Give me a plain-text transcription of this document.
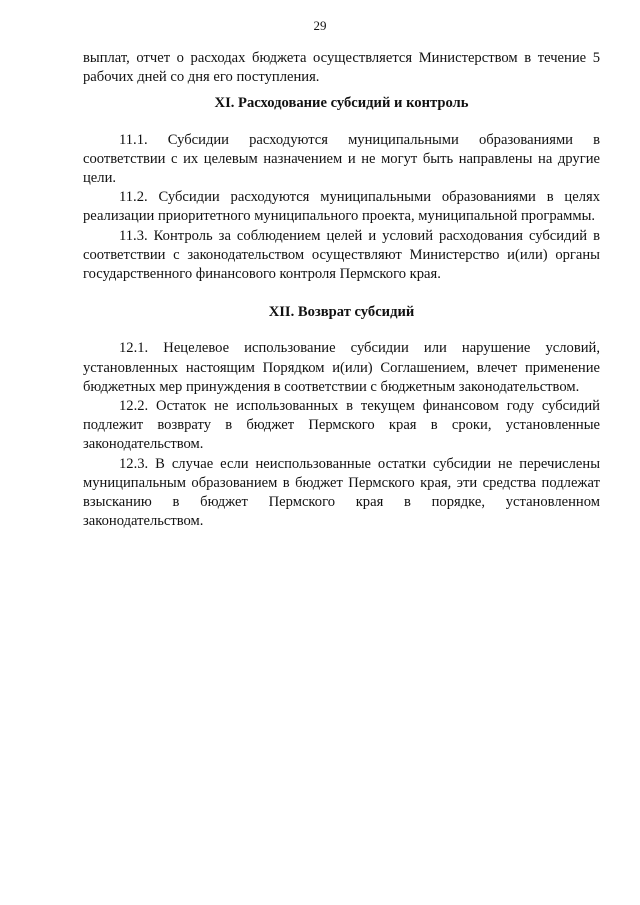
29

выплат, отчет о расходах бюджета осуществляется Министерством в течение 5 рабочих дней со дня его поступления.

XI. Расходование субсидий и контроль

11.1. Субсидии расходуются муниципальными образованиями в соответствии с их целевым назначением и не могут быть направлены на другие цели.

11.2. Субсидии расходуются муниципальными образованиями в целях реализации приоритетного муниципального проекта, муниципальной программы.

11.3. Контроль за соблюдением целей и условий расходования субсидий в соответствии с законодательством осуществляют Министерство и(или) органы государственного финансового контроля Пермского края.

XII. Возврат субсидий

12.1. Нецелевое использование субсидии или нарушение условий, установленных настоящим Порядком и(или) Соглашением, влечет применение бюджетных мер принуждения в соответствии с бюджетным законодательством.

12.2. Остаток не использованных в текущем финансовом году субсидий подлежит возврату в бюджет Пермского края в сроки, установленные законодательством.

12.3. В случае если неиспользованные остатки субсидии не перечислены муниципальным образованием в бюджет Пермского края, эти средства подлежат взысканию в бюджет Пермского края в порядке, установленном законодательством.
